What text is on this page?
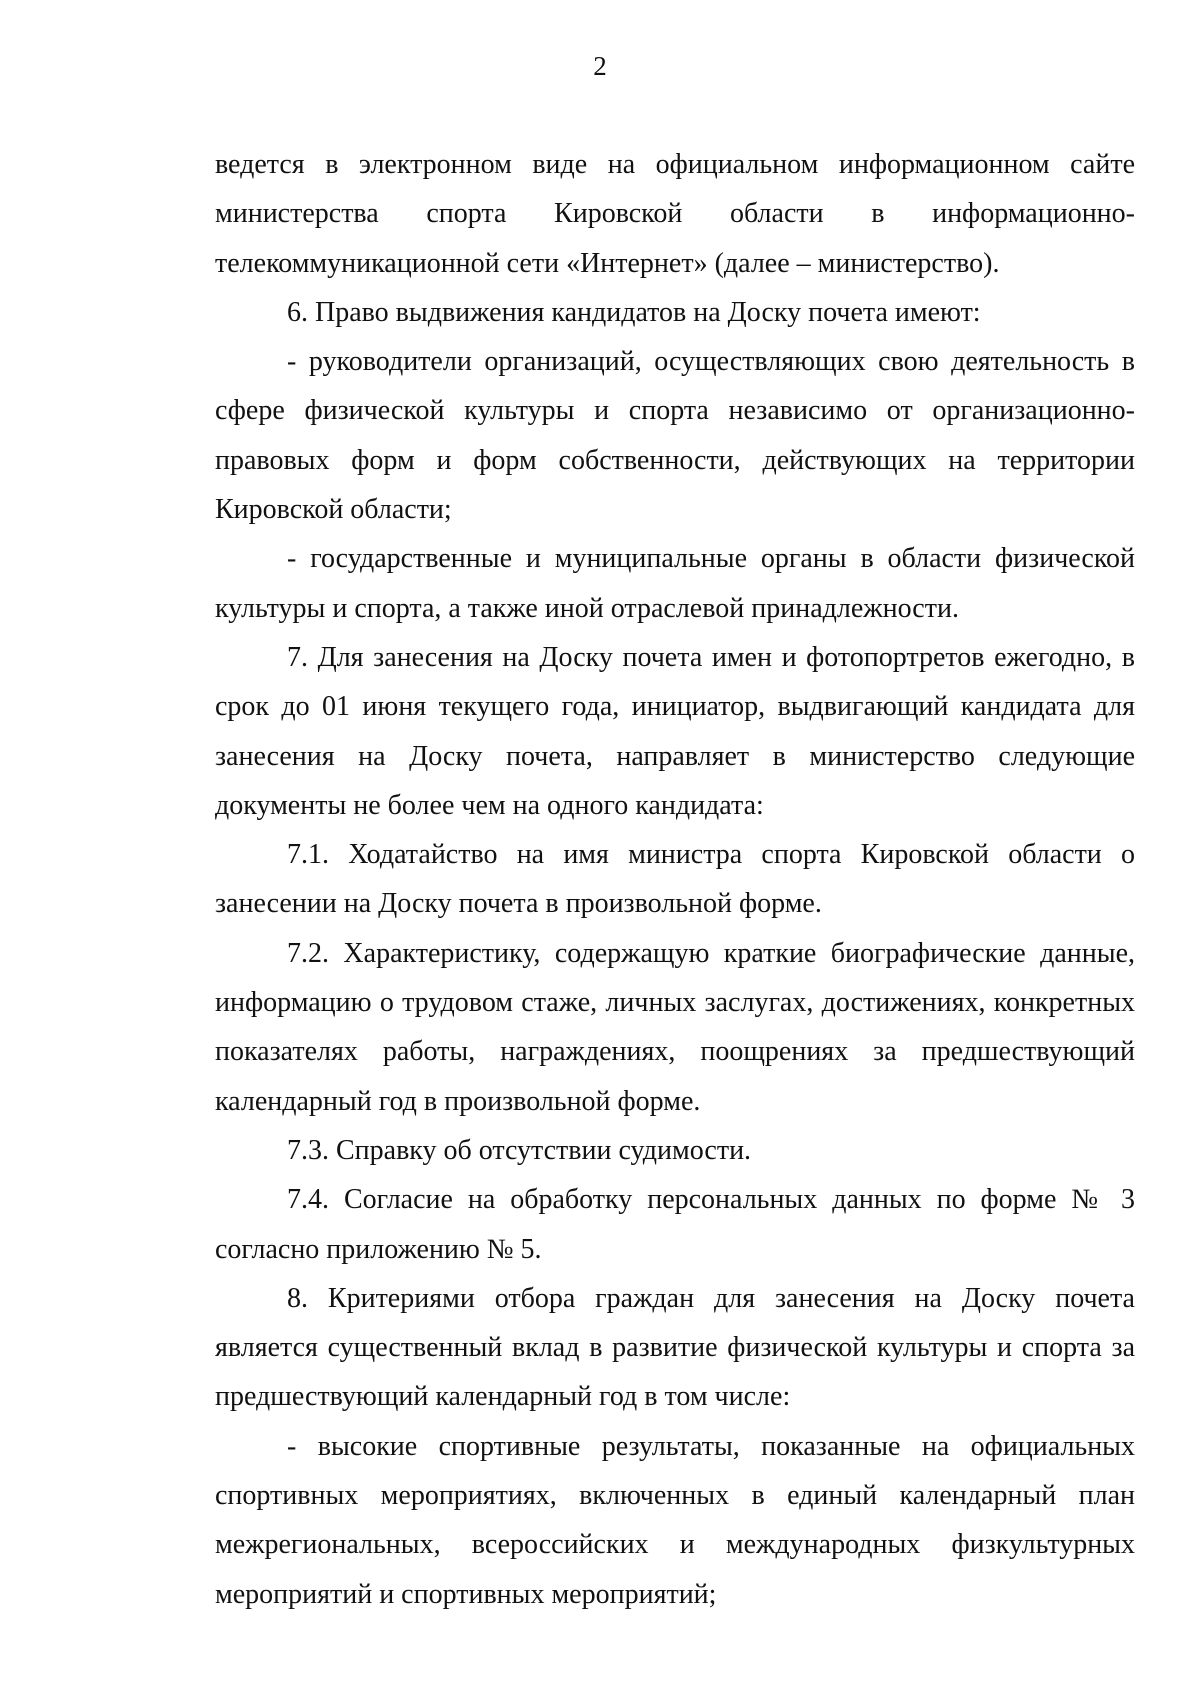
2

ведется в электронном виде на официальном информационном сайте министерства спорта Кировской области в информационно-телекоммуникационной сети «Интернет» (далее – министерство).

6. Право выдвижения кандидатов на Доску почета имеют:

- руководители организаций, осуществляющих свою деятельность в сфере физической культуры и спорта независимо от организационно-правовых форм и форм собственности, действующих на территории Кировской области;

- государственные и муниципальные органы в области физической культуры и спорта, а также иной отраслевой принадлежности.

7. Для занесения на Доску почета имен и фотопортретов ежегодно, в срок до 01 июня текущего года, инициатор, выдвигающий кандидата для занесения на Доску почета, направляет в министерство следующие документы не более чем на одного кандидата:

7.1. Ходатайство на имя министра спорта Кировской области о занесении на Доску почета в произвольной форме.

7.2. Характеристику, содержащую краткие биографические данные, информацию о трудовом стаже, личных заслугах, достижениях, конкретных показателях работы, награждениях, поощрениях за предшествующий календарный год в произвольной форме.

7.3. Справку об отсутствии судимости.

7.4. Согласие на обработку персональных данных по форме № 3 согласно приложению № 5.

8. Критериями отбора граждан для занесения на Доску почета является существенный вклад в развитие физической культуры и спорта за предшествующий календарный год в том числе:

- высокие спортивные результаты, показанные на официальных спортивных мероприятиях, включенных в единый календарный план межрегиональных, всероссийских и международных физкультурных мероприятий и спортивных мероприятий;
